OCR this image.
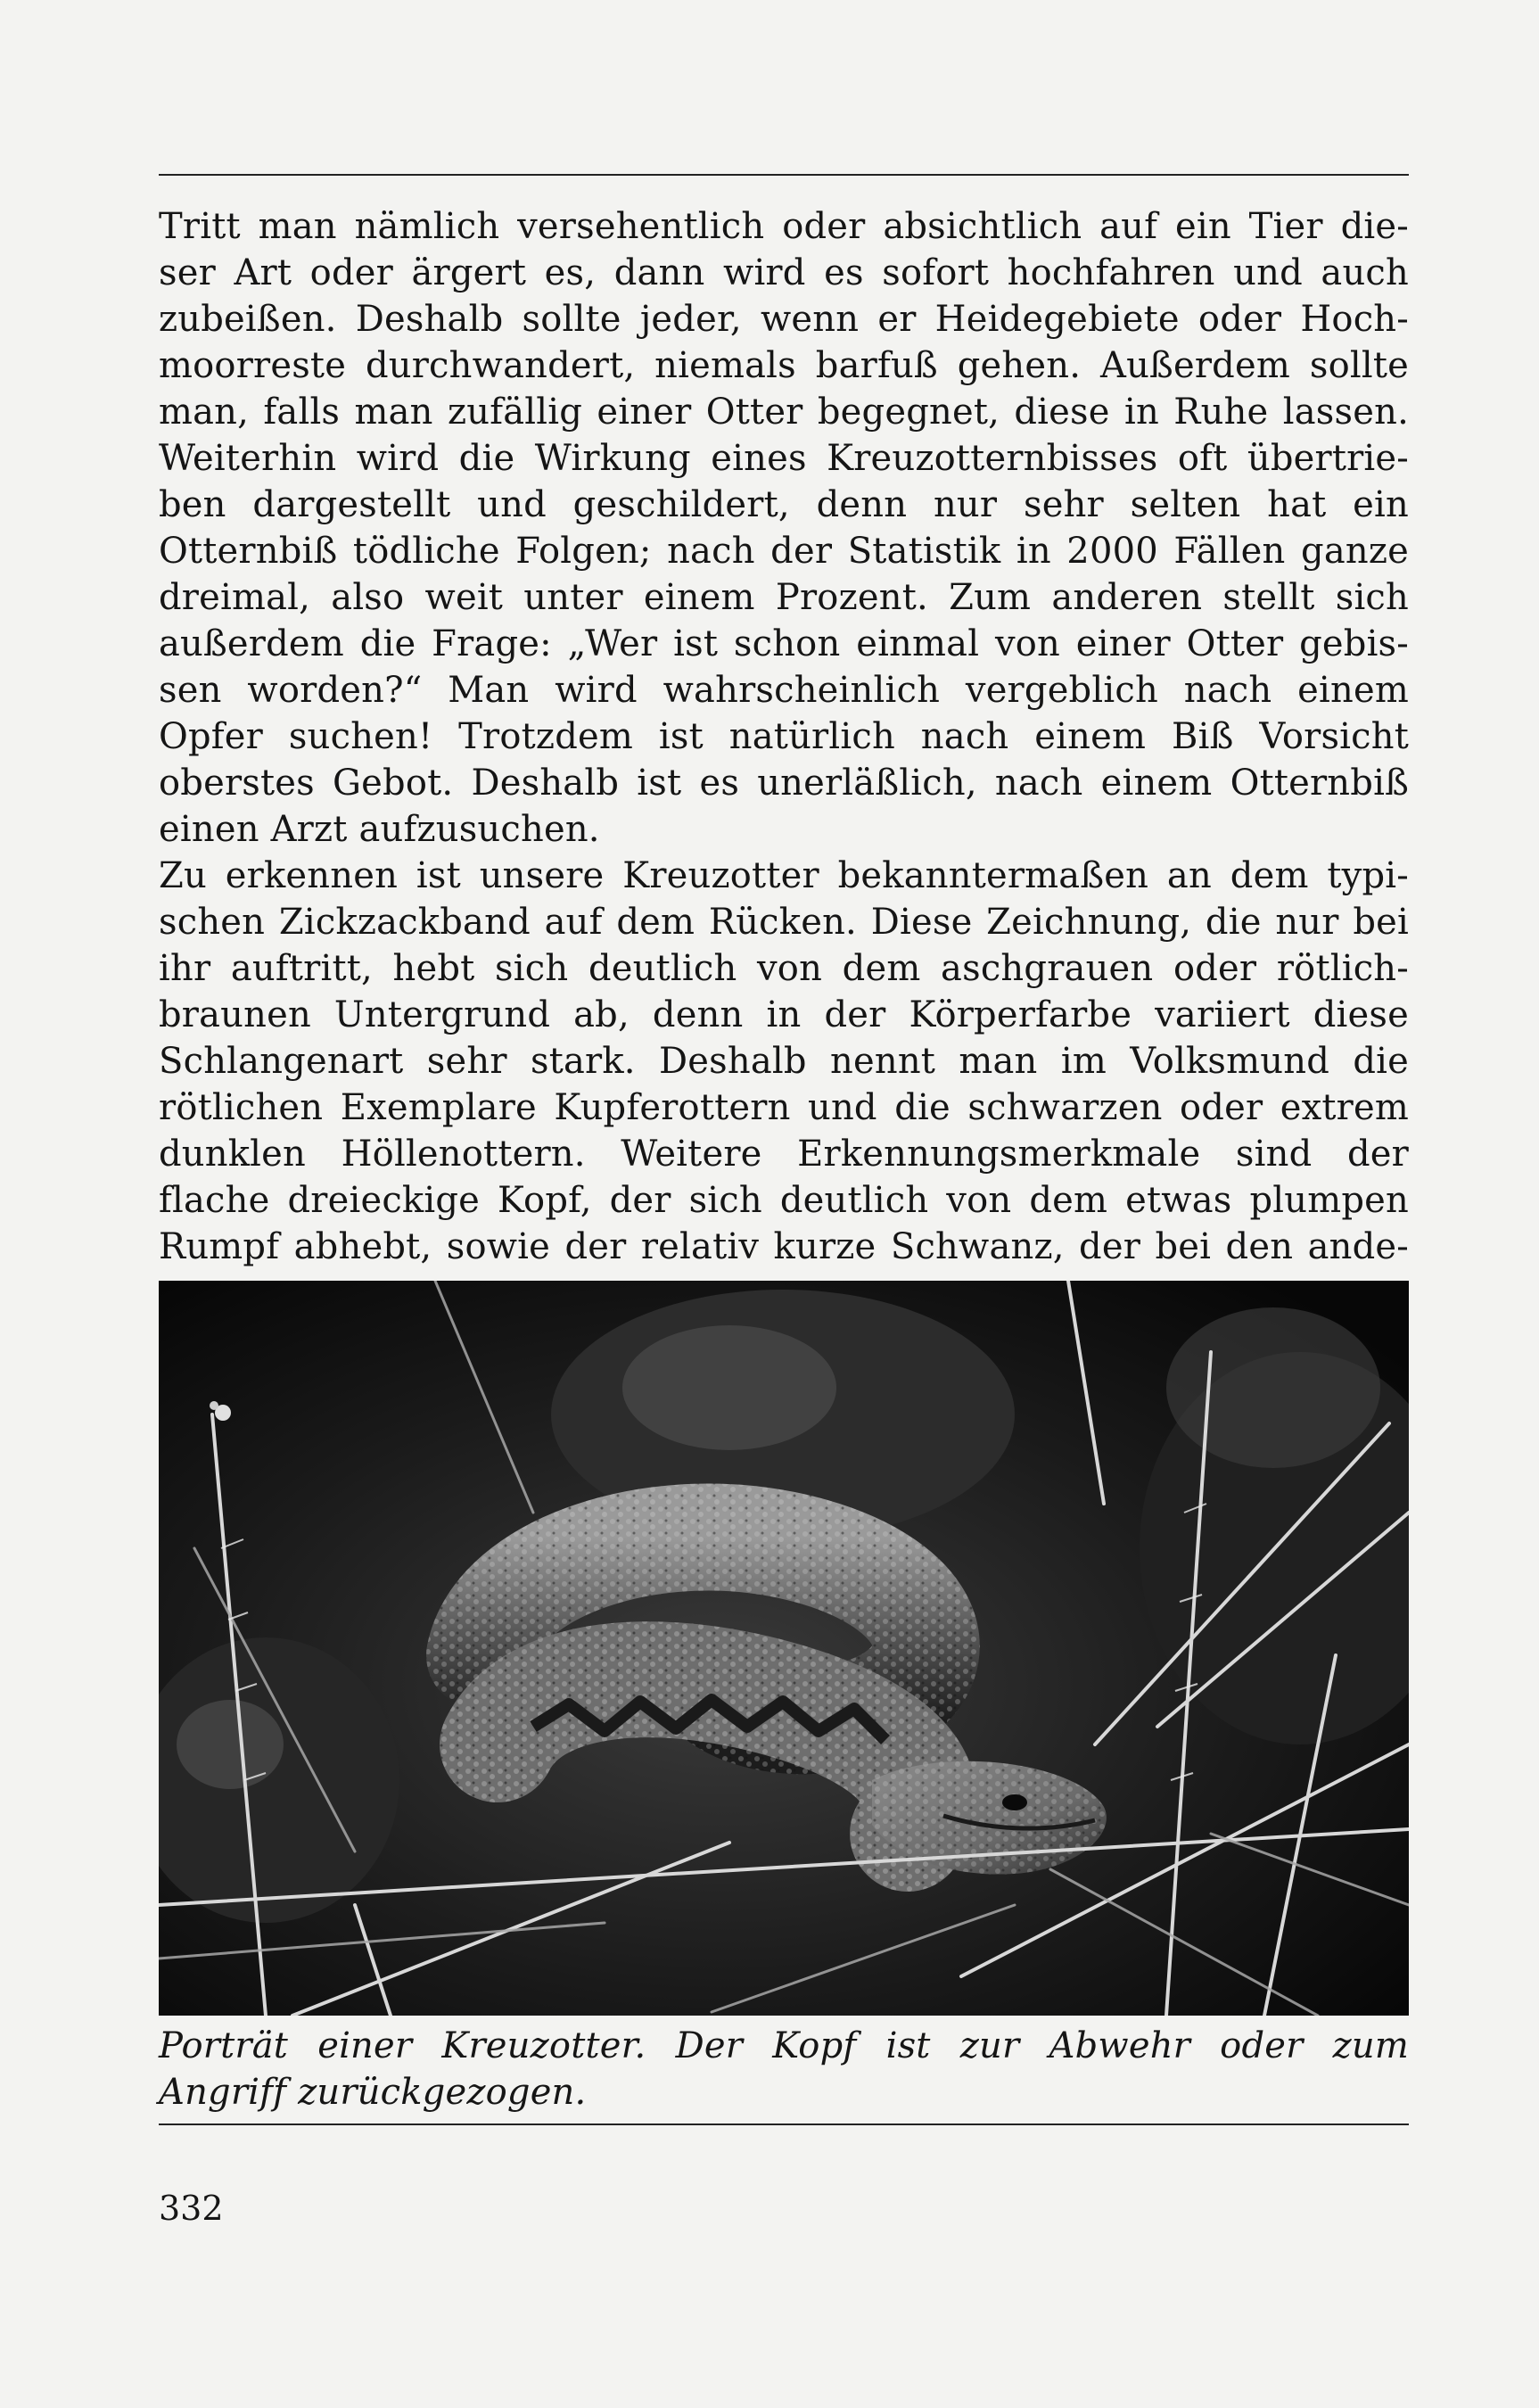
Tritt man nämlich versehentlich oder absichtlich auf ein Tier die-
ser Art oder ärgert es, dann wird es sofort hochfahren und auch
zubeißen. Deshalb sollte jeder, wenn er Heidegebiete oder Hoch-
moorreste durchwandert, niemals barfuß gehen. Außerdem sollte
man, falls man zufällig einer Otter begegnet, diese in Ruhe lassen.
Weiterhin wird die Wirkung eines Kreuzotternbisses oft übertrie-
ben dargestellt und geschildert, denn nur sehr selten hat ein
Otternbiß tödliche Folgen; nach der Statistik in 2000 Fällen ganze
dreimal, also weit unter einem Prozent. Zum anderen stellt sich
außerdem die Frage: „Wer ist schon einmal von einer Otter gebis-
sen worden?“ Man wird wahrscheinlich vergeblich nach einem
Opfer suchen! Trotzdem ist natürlich nach einem Biß Vorsicht
oberstes Gebot. Deshalb ist es unerläßlich, nach einem Otternbiß
einen Arzt aufzusuchen.
Zu erkennen ist unsere Kreuzotter bekanntermaßen an dem typi-
schen Zickzackband auf dem Rücken. Diese Zeichnung, die nur bei
ihr auftritt, hebt sich deutlich von dem aschgrauen oder rötlich-
braunen Untergrund ab, denn in der Körperfarbe variiert diese
Schlangenart sehr stark. Deshalb nennt man im Volksmund die
rötlichen Exemplare Kupferottern und die schwarzen oder extrem
dunklen Höllenottern. Weitere Erkennungsmerkmale sind der
flache dreieckige Kopf, der sich deutlich von dem etwas plumpen
Rumpf abhebt, sowie der relativ kurze Schwanz, der bei den ande-
Porträt einer Kreuzotter. Der Kopf ist zur Abwehr oder zum
Angriff zurückgezogen.
332
